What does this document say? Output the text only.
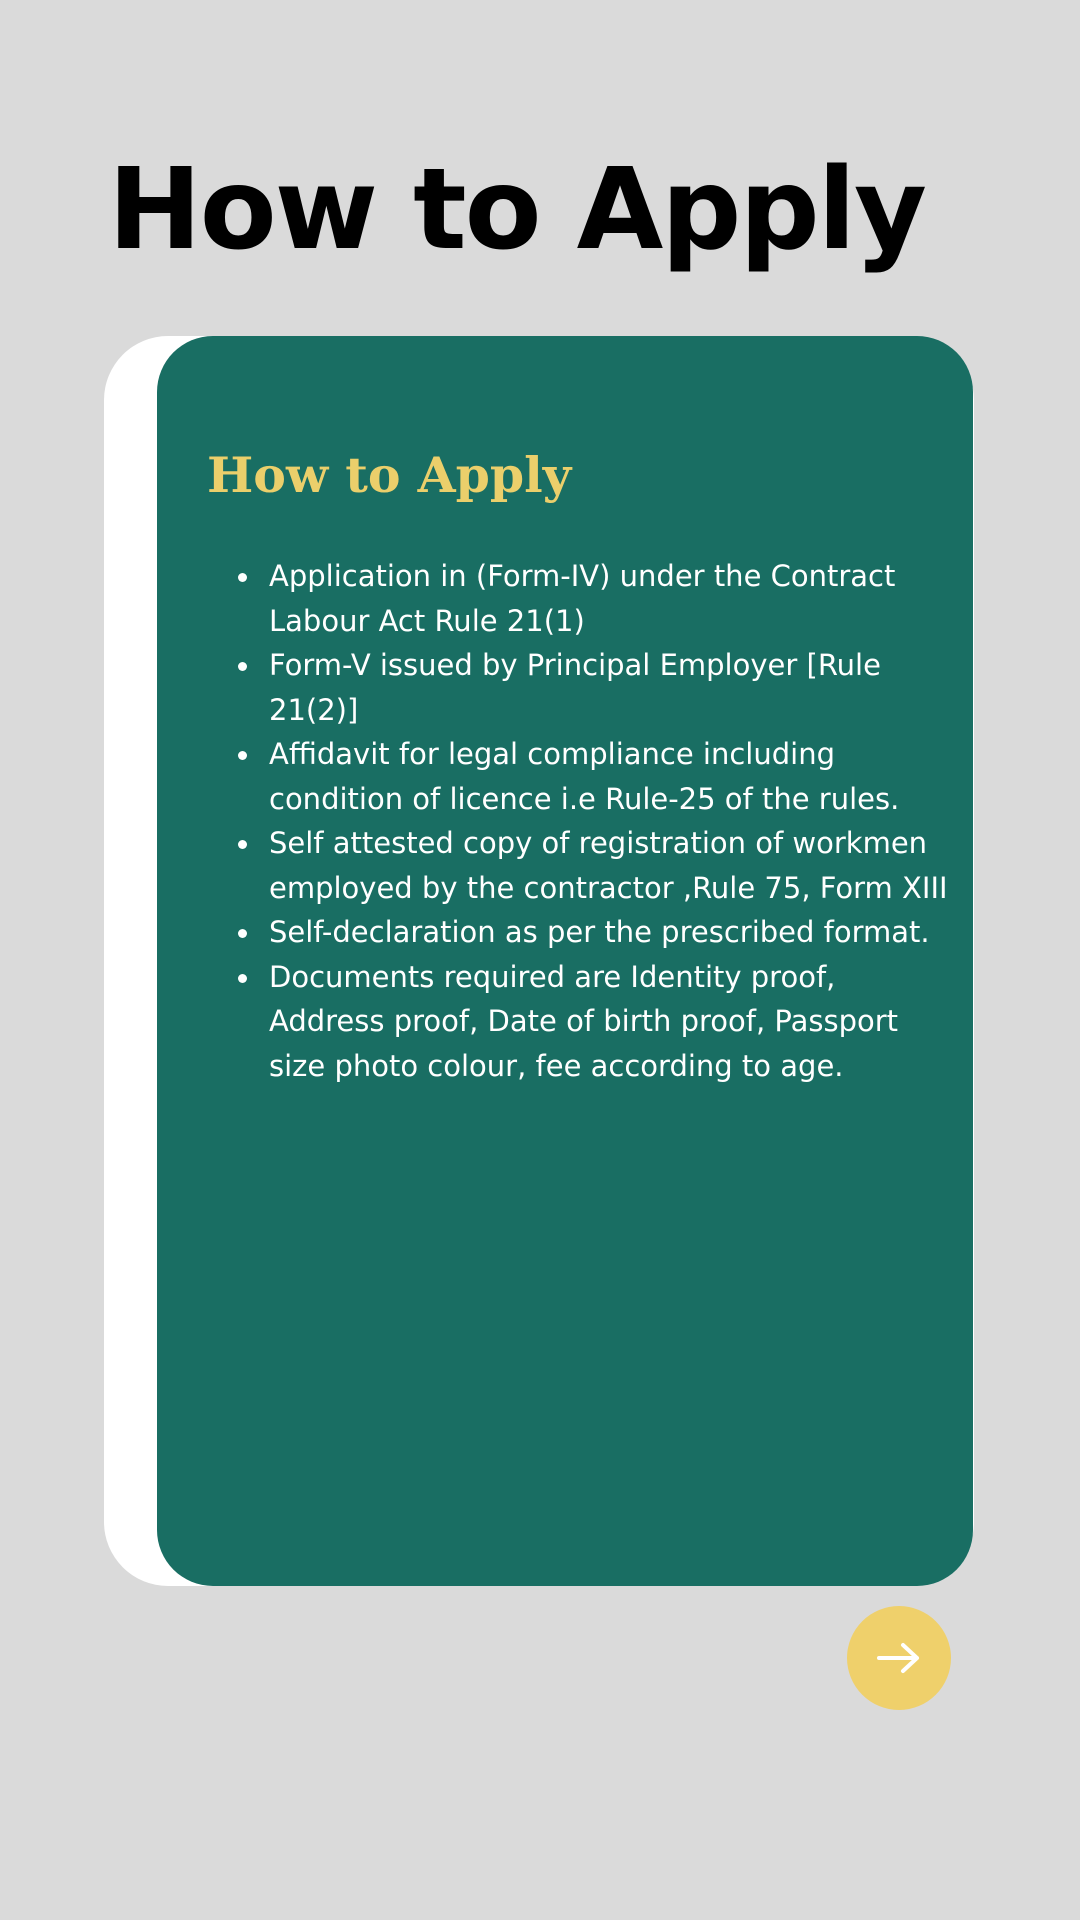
How to Apply
How to Apply
Application in (Form-IV) under the Contract Labour Act Rule 21(1)
Form-V issued by Principal Employer [Rule 21(2)]
Affidavit for legal compliance including condition of licence i.e Rule-25 of the rules.
Self attested copy of registration of workmen employed by the contractor ,Rule 75, Form XIII
Self-declaration as per the prescribed format.
Documents required are Identity proof, Address proof, Date of birth proof, Passport size photo colour, fee according to age.
